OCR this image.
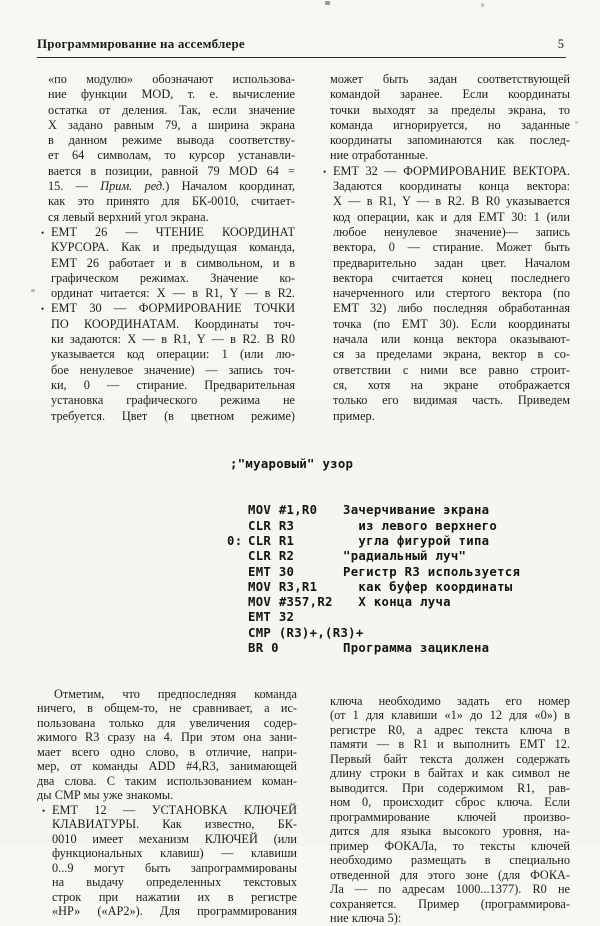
Программирование на ассемблере	5
«по модулю» обозначают использова-
ние функции MOD, т. е. вычисление
остатка от деления. Так, если значение
X задано равным 79, а ширина экрана
в данном режиме вывода соответству-
ет 64 символам, то курсор устанавли-
вается в позиции, равной 79 MOD 64 =
15. — Прим. ред.) Началом координат,
как это принято для БК-0010, считает-
ся левый верхний угол экрана.
• ЕМТ 26 — ЧТЕНИЕ КООРДИНАТ
КУРСОРА. Как и предыдущая команда,
ЕМТ 26 работает и в символьном, и в
графическом режимах. Значение ко-
ординат читается: X — в R1, Y — в R2.
• ЕМТ 30 — ФОРМИРОВАНИЕ ТОЧКИ
ПО КООРДИНАТАМ. Координаты точ-
ки задаются: X — в R1, Y — в R2. В R0
указывается код операции: 1 (или лю-
бое ненулевое значение) — запись точ-
ки, 0 — стирание. Предварительная
установка графического режима не
требуется. Цвет (в цветном режиме)
может быть задан соответствующей
командой заранее. Если координаты
точки выходят за пределы экрана, то
команда игнорируется, но заданные
координаты запоминаются как послед-
ние отработанные.
• ЕМТ 32 — ФОРМИРОВАНИЕ ВЕКТОРА.
Задаются координаты конца вектора:
X — в R1, Y — в R2. В R0 указывается
код операции, как и для ЕМТ 30: 1 (или
любое ненулевое значение)— запись
вектора, 0 — стирание. Может быть
предварительно задан цвет. Началом
вектора считается конец последнего
начерченного или стертого вектора (по
ЕМТ 32) либо последняя обработанная
точка (по ЕМТ 30). Если координаты
начала или конца вектора оказывают-
ся за пределами экрана, вектор в со-
ответствии с ними все равно строит-
ся, хотя на экране отображается
только его видимая часть. Приведем
пример.

;"муаровый" узор

MOV #1,R0	Зачерчивание экрана
CLR R3	из левого верхнего
0: CLR R1	угла фигурой типа
CLR R2	"радиальный луч"
EMT 30	Регистр R3 используется
MOV R3,R1	как буфер координаты
MOV #357,R2 X конца луча
EMT 32
CMP (R3)+,(R3)+
BR 0	Программа зациклена

Отметим, что предпоследняя команда
ничего, в общем-то, не сравнивает, а ис-
пользована только для увеличения содер-
жимого R3 сразу на 4. При этом она зани-
мает всего одно слово, в отличие, напри-
мер, от команды ADD #4,R3, занимающей
два слова. С таким использованием коман-
ды CMP мы уже знакомы.
• ЕМТ 12 — УСТАНОВКА КЛЮЧЕЙ
КЛАВИАТУРЫ. Как известно, БК-
0010 имеет механизм КЛЮЧЕЙ (или
функциональных клавиш) — клавиши
0...9 могут быть запрограммированы
на выдачу определенных текстовых
строк при нажатии их в регистре
«НР» («АР2»). Для программирования
ключа необходимо задать его номер
(от 1 для клавиши «1» до 12 для «0») в
регистре R0, а адрес текста ключа в
памяти — в R1 и выполнить ЕМТ 12.
Первый байт текста должен содержать
длину строки в байтах и как символ не
выводится. При содержимом R1, рав-
ном 0, происходит сброс ключа. Если
программирование ключей произво-
дится для языка высокого уровня, на-
пример ФОКАЛа, то тексты ключей
необходимо размещать в специально
отведенной для этого зоне (для ФОКА-
Ла — по адресам 1000...1377). R0 не
сохраняется. Пример (программирова-
ние ключа 5):
